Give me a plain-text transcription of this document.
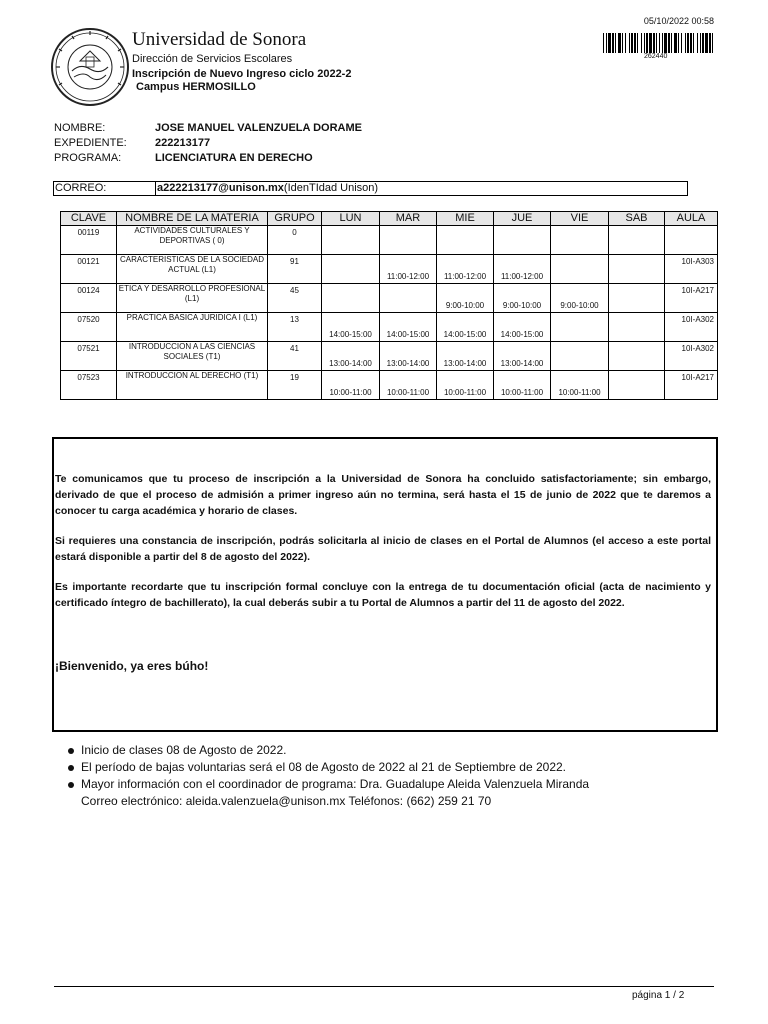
05/10/2022 00:58
262440
Universidad de Sonora
Dirección de Servicios Escolares
Inscripción de Nuevo Ingreso ciclo 2022-2
Campus HERMOSILLO
NOMBRE:	JOSE MANUEL VALENZUELA DORAME
EXPEDIENTE:	222213177
PROGRAMA:	LICENCIATURA EN DERECHO
CORREO:	a222213177@unison.mx(IdenTIdad Unison)
CLAVE	NOMBRE DE LA MATERIA	GRUPO	LUN	MAR	MIE	JUE	VIE	SAB	AULA
00119	ACTIVIDADES CULTURALES Y DEPORTIVAS ( 0)	0							
00121	CARACTERISTICAS DE LA SOCIEDAD ACTUAL (L1)	91		11:00-12:00	11:00-12:00	11:00-12:00			10I-A303
00124	ETICA Y DESARROLLO PROFESIONAL (L1)	45			9:00-10:00	9:00-10:00	9:00-10:00		10I-A217
07520	PRACTICA BASICA JURIDICA I (L1)	13	14:00-15:00	14:00-15:00	14:00-15:00	14:00-15:00			10I-A302
07521	INTRODUCCION A LAS CIENCIAS SOCIALES (T1)	41	13:00-14:00	13:00-14:00	13:00-14:00	13:00-14:00			10I-A302
07523	INTRODUCCION AL DERECHO (T1)	19	10:00-11:00	10:00-11:00	10:00-11:00	10:00-11:00	10:00-11:00		10I-A217
Te comunicamos que tu proceso de inscripción a la Universidad de Sonora ha concluido satisfactoriamente; sin embargo, derivado de que el proceso de admisión a primer ingreso aún no termina, será hasta el 15 de junio de 2022 que te daremos a conocer tu carga académica y horario de clases.
Si requieres una constancia de inscripción, podrás solicitarla al inicio de clases en el Portal de Alumnos (el acceso a este portal estará disponible a partir del 8 de agosto del 2022).
Es importante recordarte que tu inscripción formal concluye con la entrega de tu documentación oficial (acta de nacimiento y certificado íntegro de bachillerato), la cual deberás subir a tu Portal de Alumnos a partir del 11 de agosto del 2022.
¡Bienvenido, ya eres búho!
Inicio de clases 08 de Agosto de 2022.
El período de bajas voluntarias será el 08 de Agosto de 2022 al 21 de Septiembre de 2022.
Mayor información con el coordinador de programa: Dra. Guadalupe Aleida Valenzuela Miranda
Correo electrónico: aleida.valenzuela@unison.mx Teléfonos: (662) 259 21 70
página 1 / 2
